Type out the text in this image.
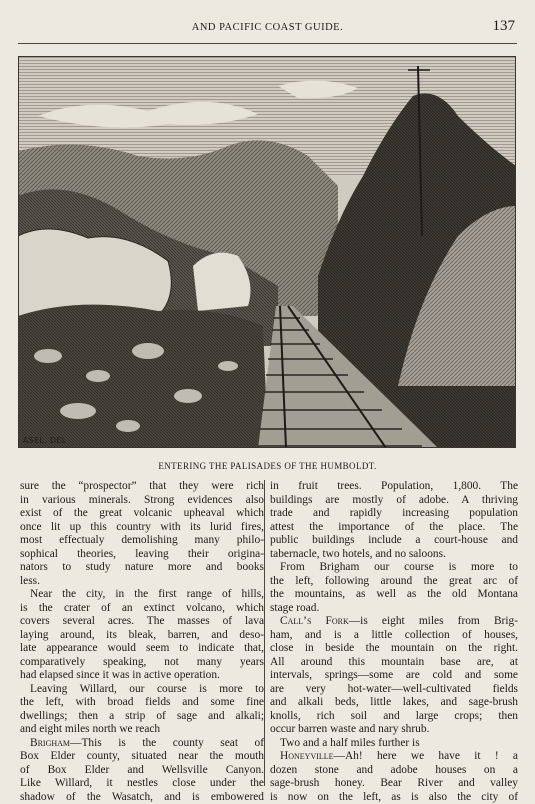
AND PACIFIC COAST GUIDE.	137
ASEL, DEL
ENTERING THE PALISADES OF THE HUMBOLDT.
sure the “prospector” that they were rich
in various minerals. Strong evidences also
exist of the great volcanic upheaval which
once lit up this country with its lurid fires,
most effectualy demolishing many philo-
sophical theories, leaving their origina-
nators to study nature more and books
less.
Near the city, in the first range of hills,
is the crater of an extinct volcano, which
covers several acres. The masses of lava
laying around, its bleak, barren, and deso-
late appearance would seem to indicate that,
comparatively speaking, not many years
had elapsed since it was in active operation.
Leaving Willard, our course is more to
the left, with broad fields and some fine
dwellings; then a strip of sage and alkali;
and eight miles north we reach
Brigham—This is the county seat of
Box Elder county, situated near the mouth
of Box Elder and Wellsville Canyon.
Like Willard, it nestles close under the
shadow of the Wasatch, and is embowered
in fruit trees. Population, 1,800. The
buildings are mostly of adobe. A thriving
trade and rapidly increasing population
attest the importance of the place. The
public buildings include a court-house and
tabernacle, two hotels, and no saloons.
From Brigham our course is more to
the left, following around the great arc of
the mountains, as well as the old Montana
stage road.
Call’s Fork—is eight miles from Brig-
ham, and is a little collection of houses,
close in beside the mountain on the right.
All around this mountain base are, at
intervals, springs—some are cold and some
are very hot-water—well-cultivated fields
and alkali beds, little lakes, and sage-brush
knolls, rich soil and large crops; then
occur barren waste and nary shrub.
Two and a half miles further is
Honeyville—Ah! here we have it ! a
dozen stone and adobe houses on a
sage-brush honey. Bear River and valley
is now on the left, as is also the city of
